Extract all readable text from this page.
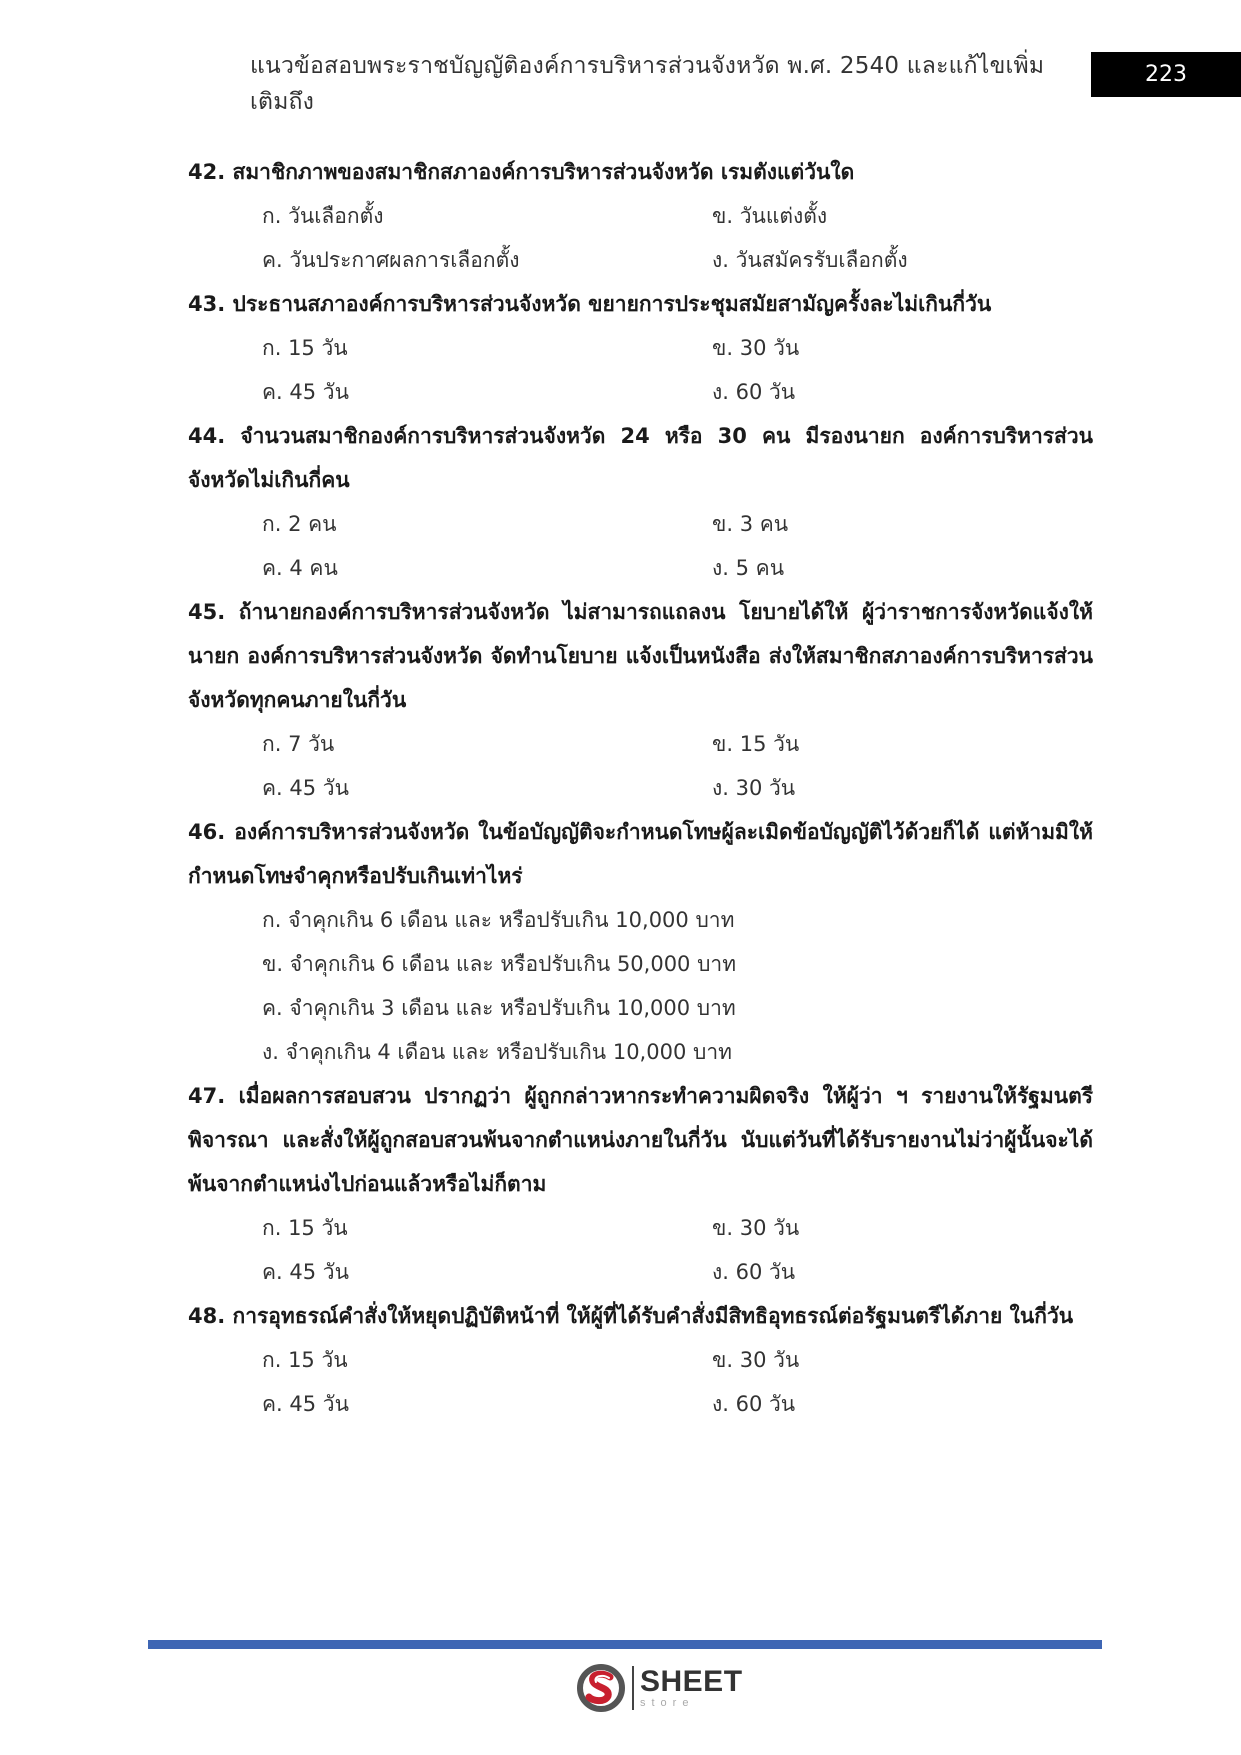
แนวข้อสอบพระราชบัญญัติองค์การบริหารส่วนจังหวัด พ.ศ. 2540 และแก้ไขเพิ่มเติมถึง
223

42. สมาชิกภาพของสมาชิกสภาองค์การบริหารส่วนจังหวัด เรมตังแต่วันใด

ก. วันเลือกตั้ง	ข. วันแต่งตั้ง
ค. วันประกาศผลการเลือกตั้ง	ง. วันสมัครรับเลือกตั้ง

43. ประธานสภาองค์การบริหารส่วนจังหวัด ขยายการประชุมสมัยสามัญครั้งละไม่เกินกี่วัน

ก. 15 วัน	ข. 30 วัน
ค. 45 วัน	ง. 60 วัน

44. จำนวนสมาชิกองค์การบริหารส่วนจังหวัด 24 หรือ 30 คน มีรองนายก องค์การบริหารส่วนจังหวัดไม่เกินกี่คน

ก. 2 คน	ข. 3 คน
ค. 4 คน	ง. 5 คน

45. ถ้านายกองค์การบริหารส่วนจังหวัด ไม่สามารถแถลงน โยบายได้ให้ ผู้ว่าราชการจังหวัดแจ้งให้นายก องค์การบริหารส่วนจังหวัด จัดทำนโยบาย แจ้งเป็นหนังสือ ส่งให้สมาชิกสภาองค์การบริหารส่วนจังหวัดทุกคนภายในกี่วัน

ก. 7 วัน	ข. 15 วัน
ค. 45 วัน	ง. 30 วัน

46. องค์การบริหารส่วนจังหวัด ในข้อบัญญัติจะกำหนดโทษผู้ละเมิดข้อบัญญัติไว้ด้วยก็ได้ แต่ห้ามมิให้กำหนดโทษจำคุกหรือปรับเกินเท่าไหร่

ก. จำคุกเกิน 6 เดือน และ หรือปรับเกิน 10,000 บาท
ข. จำคุกเกิน 6 เดือน และ หรือปรับเกิน 50,000 บาท
ค. จำคุกเกิน 3 เดือน และ หรือปรับเกิน 10,000 บาท
ง. จำคุกเกิน 4 เดือน และ หรือปรับเกิน 10,000 บาท

47. เมื่อผลการสอบสวน ปรากฏว่า ผู้ถูกกล่าวหากระทำความผิดจริง ให้ผู้ว่า ฯ รายงานให้รัฐมนตรีพิจารณา และสั่งให้ผู้ถูกสอบสวนพ้นจากตำแหน่งภายในกี่วัน นับแต่วันที่ได้รับรายงานไม่ว่าผู้นั้นจะได้พ้นจากตำแหน่งไปก่อนแล้วหรือไม่ก็ตาม

ก. 15 วัน	ข. 30 วัน
ค. 45 วัน	ง. 60 วัน

48. การอุทธรณ์คำสั่งให้หยุดปฏิบัติหน้าที่ ให้ผู้ที่ได้รับคำสั่งมีสิทธิอุทธรณ์ต่อรัฐมนตรีได้ภาย ในกี่วัน

ก. 15 วัน	ข. 30 วัน
ค. 45 วัน	ง. 60 วัน
SHEET
store
